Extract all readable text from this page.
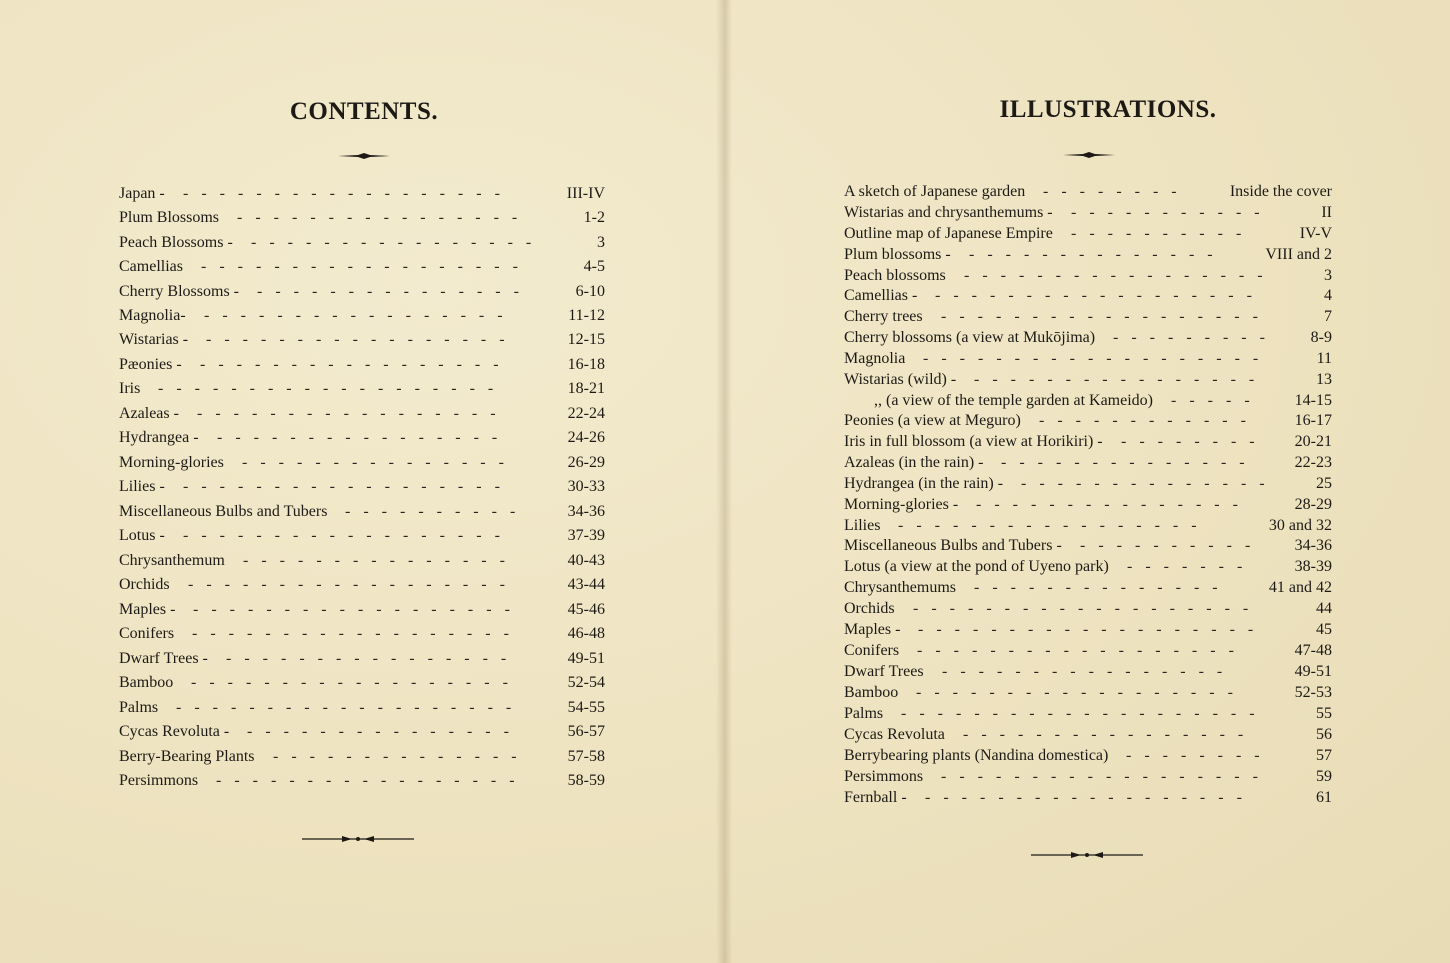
CONTENTS.
Japan -	III-IV
------------------
Plum Blossoms	1-2
----------------
Peach Blossoms -	3
----------------
Camellias	4-5
------------------
Cherry Blossoms -	6-10
---------------
Magnolia-	11-12
-----------------
Wistarias -	12-15
-----------------
Pæonies -	16-18
-----------------
Iris	18-21
-------------------
Azaleas -	22-24
-----------------
Hydrangea -	24-26
----------------
Morning-glories	26-29
---------------
Lilies -	30-33
------------------
Miscellaneous Bulbs and Tubers	34-36
----------
Lotus -	37-39
------------------
Chrysanthemum	40-43
---------------
Orchids	43-44
------------------
Maples -	45-46
------------------
Conifers	46-48
------------------
Dwarf Trees -	49-51
----------------
Bamboo	52-54
------------------
Palms	54-55
-------------------
Cycas Revoluta -	56-57
---------------
Berry-Bearing Plants	57-58
--------------
Persimmons	58-59
-----------------
ILLUSTRATIONS.
A sketch of Japanese garden	Inside the cover
--------
Wistarias and chrysanthemums -	II
-----------
Outline map of Japanese Empire	IV-V
----------
Plum blossoms -	VIII and 2
--------------
Peach blossoms	3
-----------------
Camellias -	4
------------------
Cherry trees	7
------------------
Cherry blossoms (a view at Mukōjima)	8-9
---------
Magnolia	11
-------------------
Wistarias (wild) -	13
----------------
,, (a view of the temple garden at Kameido)	14-15
-----
Peonies (a view at Meguro)	16-17
------------
Iris in full blossom (a view at Horikiri) -	20-21
--------
Azaleas (in the rain) -	22-23
--------------
Hydrangea (in the rain) -	25
--------------
Morning-glories -	28-29
---------------
Lilies	30 and 32
-----------------
Miscellaneous Bulbs and Tubers -	34-36
----------
Lotus (a view at the pond of Uyeno park)	38-39
-------
Chrysanthemums	41 and 42
--------------
Orchids	44
-------------------
Maples -	45
-------------------
Conifers	47-48
------------------
Dwarf Trees	49-51
----------------
Bamboo	52-53
------------------
Palms	55
--------------------
Cycas Revoluta	56
----------------
Berrybearing plants (Nandina domestica)	57
--------
Persimmons	59
------------------
Fernball -	61
------------------
